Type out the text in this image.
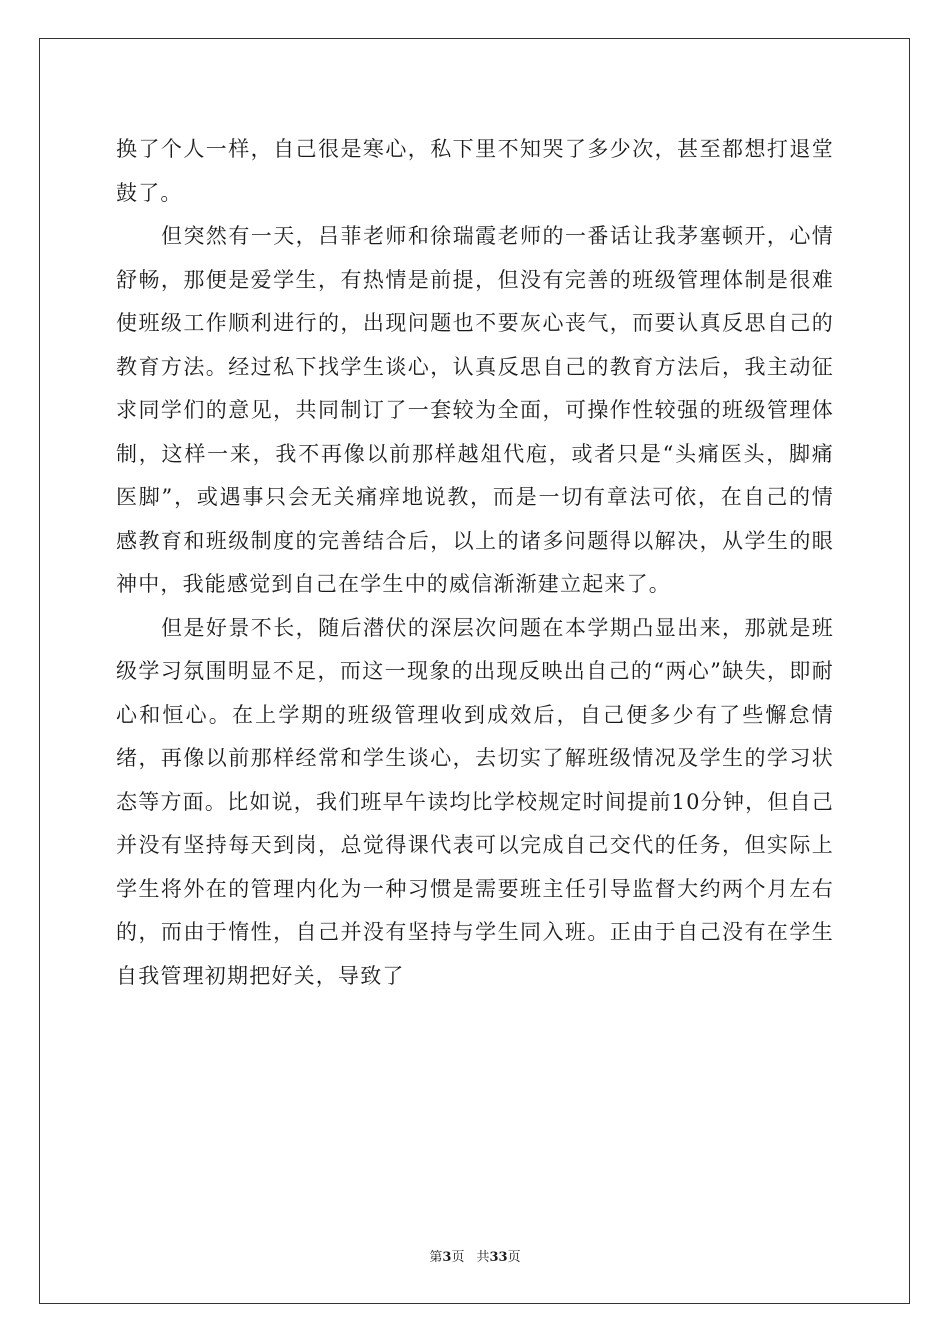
换了个人一样，自己很是寒心，私下里不知哭了多少次，甚至都想打退堂鼓了。

但突然有一天，吕菲老师和徐瑞霞老师的一番话让我茅塞顿开，心情舒畅，那便是爱学生，有热情是前提，但没有完善的班级管理体制是很难使班级工作顺利进行的，出现问题也不要灰心丧气，而要认真反思自己的教育方法。经过私下找学生谈心，认真反思自己的教育方法后，我主动征求同学们的意见，共同制订了一套较为全面，可操作性较强的班级管理体制，这样一来，我不再像以前那样越俎代庖，或者只是“头痛医头，脚痛医脚”，或遇事只会无关痛痒地说教，而是一切有章法可依，在自己的情感教育和班级制度的完善结合后，以上的诸多问题得以解决，从学生的眼神中，我能感觉到自己在学生中的威信渐渐建立起来了。

但是好景不长，随后潜伏的深层次问题在本学期凸显出来，那就是班级学习氛围明显不足，而这一现象的出现反映出自己的“两心”缺失，即耐心和恒心。在上学期的班级管理收到成效后，自己便多少有了些懈怠情绪，再像以前那样经常和学生谈心，去切实了解班级情况及学生的学习状态等方面。比如说，我们班早午读均比学校规定时间提前10分钟，但自己并没有坚持每天到岗，总觉得课代表可以完成自己交代的任务，但实际上学生将外在的管理内化为一种习惯是需要班主任引导监督大约两个月左右的，而由于惰性，自己并没有坚持与学生同入班。正由于自己没有在学生自我管理初期把好关，导致了

第3页 共33页
